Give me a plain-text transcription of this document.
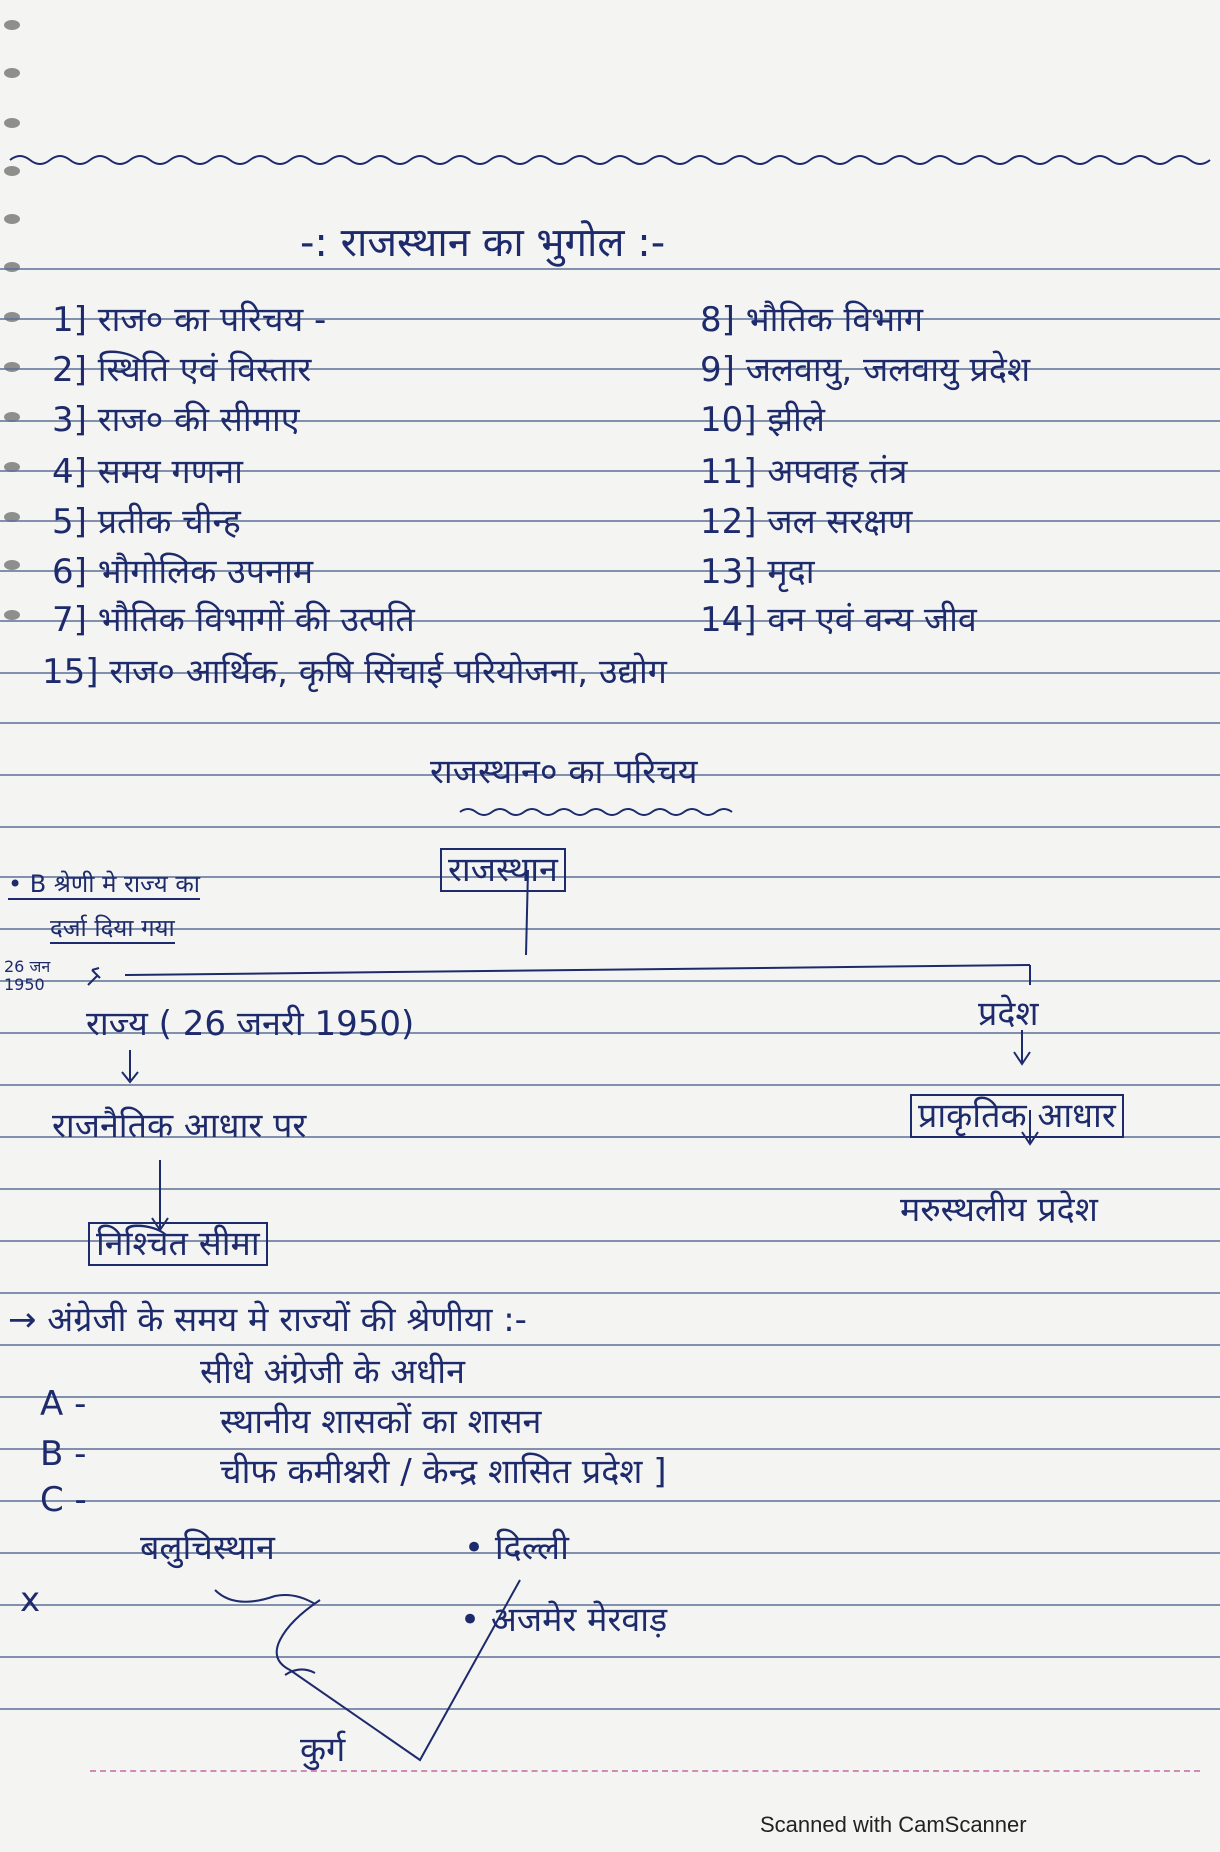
-: राजस्थान का भुगोल :-
1] राज० का परिचय -
2] स्थिति एवं विस्तार
3] राज० की सीमाए
4] समय गणना
5] प्रतीक चीन्ह
6] भौगोलिक उपनाम
7] भौतिक विभागों की उत्पति
8] भौतिक विभाग
9] जलवायु, जलवायु प्रदेश
10] झीले
11] अपवाह तंत्र
12] जल सरक्षण
13] मृदा
14] वन एवं वन्य जीव
15] राज० आर्थिक, कृषि सिंचाई परियोजना, उद्योग
राजस्थान० का परिचय
राजस्थान
• B श्रेणी मे राज्य का
दर्जा दिया गया
26 जन 1950
राज्य ( 26 जनरी 1950)
राजनैतिक आधार पर
निश्चित सीमा
प्रदेश
प्राकृतिक आधार
मरुस्थलीय प्रदेश
→ अंग्रेजी के समय मे राज्यों की श्रेणीया :-
सीधे अंग्रेजी के अधीन
A -	स्थानीय शासकों का शासन
B -	चीफ कमीश्नरी / केन्द्र शासित प्रदेश ]
C -
बलुचिस्थान	• दिल्ली
x	• अजमेर मेरवाड़
कुर्ग
Scanned with CamScanner
